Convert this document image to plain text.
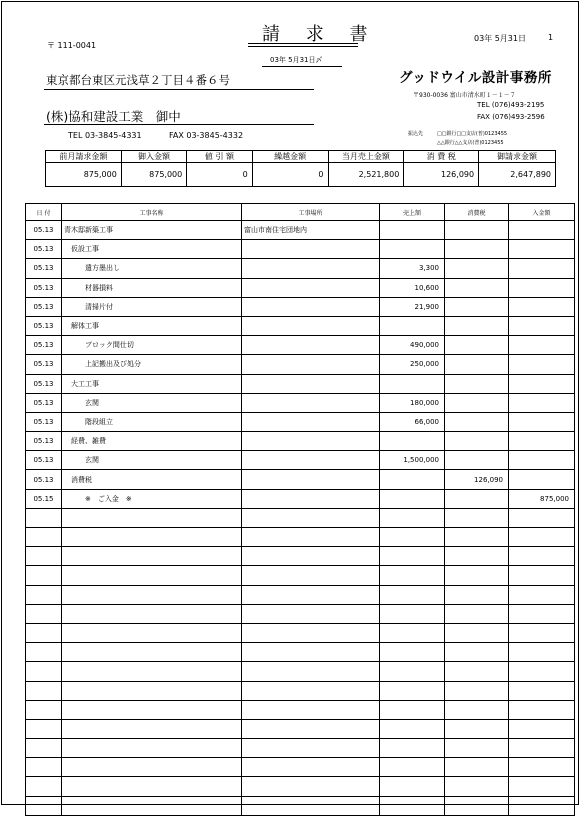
〒 111-0041
請 求 書
03年 5月31日〆
03年 5月31日	1
東京都台東区元浅草２丁目４番６号
(株)協和建設工業　御中
TEL 03-3845-4331	FAX 03-3845-4332
グッドウイル設計事務所
〒930-0036 富山市清水町１－１－７
TEL (076)493-2195
FAX (076)493-2596
振込先	□□銀行□□支店(普)0123455
△△銀行△△支店(普)0123455
前月請求金額	御入金額	値 引 額	繰越金額	当月売上金額	消 費 税	御請求金額
875,000	875,000	0	0	2,521,800	126,090	2,647,890
日 付	工事名称	工事場所	売上額	消費税	入金額
05.13	青木邸新築工事	富山市南住宅団地内			
05.13	　仮設工事				
05.13	　　　遣方墨出し		3,300		
05.13	　　　材器損料		10,600		
05.13	　　　清掃片付		21,900		
05.13	　解体工事				
05.13	　　　ブロック間仕切		490,000		
05.13	　　　上記搬出及び処分		250,000		
05.13	　大工工事				
05.13	　　　玄関		180,000		
05.13	　　　階段組立		66,000		
05.13	　経費、雑費				
05.13	　　　玄関		1,500,000		
05.13	　消費税			126,090	
05.15	　　　※　ご入金　※				875,000
